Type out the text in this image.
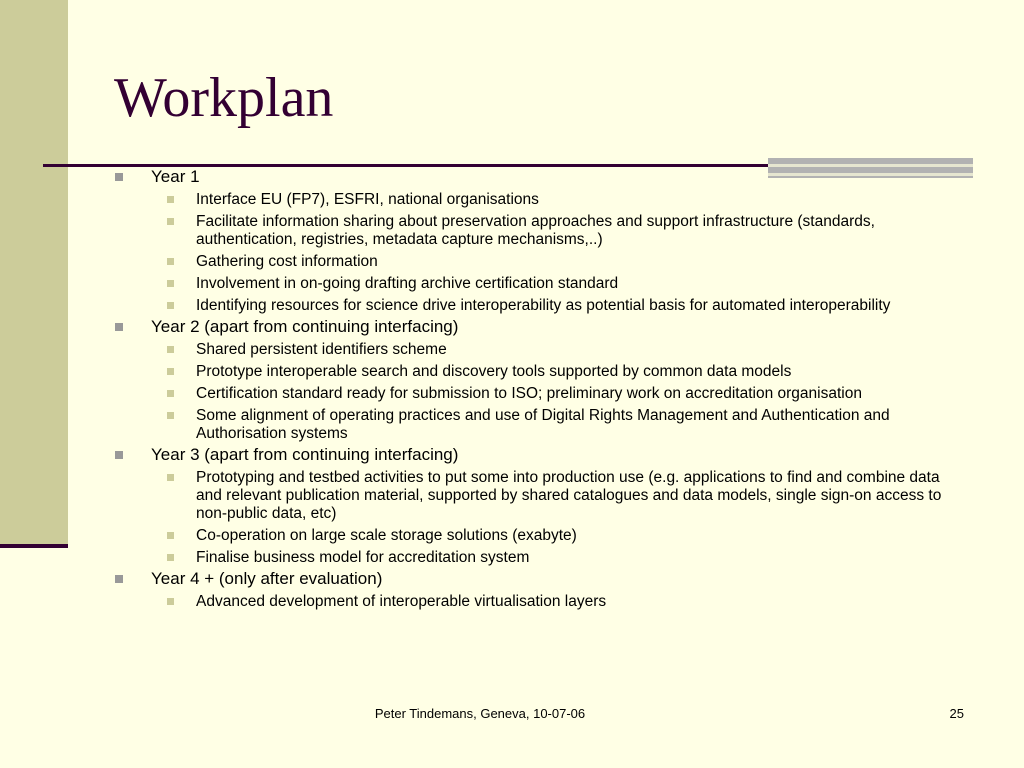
Workplan
Year 1
Interface EU (FP7), ESFRI, national organisations
Facilitate information sharing about preservation approaches and support infrastructure (standards, authentication, registries, metadata capture mechanisms,..)
Gathering cost information
Involvement in on-going drafting archive certification standard
Identifying resources for science drive interoperability as potential basis for automated interoperability
Year 2 (apart from continuing interfacing)
Shared persistent identifiers scheme
Prototype interoperable search and discovery tools supported by common data models
Certification standard ready for submission to ISO; preliminary work on accreditation organisation
Some alignment of operating practices and use of Digital Rights Management and Authentication and Authorisation systems
Year 3 (apart from continuing interfacing)
Prototyping and testbed activities to put some into production use (e.g. applications to find and combine data and relevant publication material, supported by shared catalogues and data models, single sign-on access to non-public data, etc)
Co-operation on large scale storage solutions (exabyte)
Finalise business model for accreditation system
Year 4 + (only after evaluation)
Advanced development of interoperable virtualisation layers
Peter Tindemans, Geneva, 10-07-06	25
